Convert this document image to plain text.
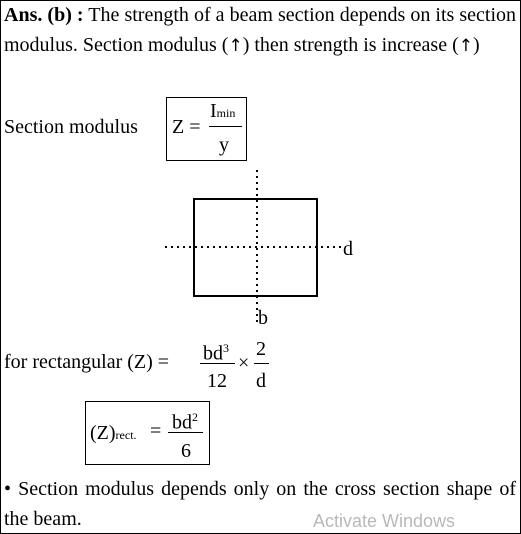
Ans. (b) : The strength of a beam section depends on its section modulus. Section modulus (↑) then strength is increase (↑)
Section modulus Z =
Imin
y
d
b
for rectangular $(Z) = bd^3$
12
×
2
d
(Z)rect. = $bd^2$
6
• Section modulus depends only on the cross section shape of the beam.	Activate Windows
